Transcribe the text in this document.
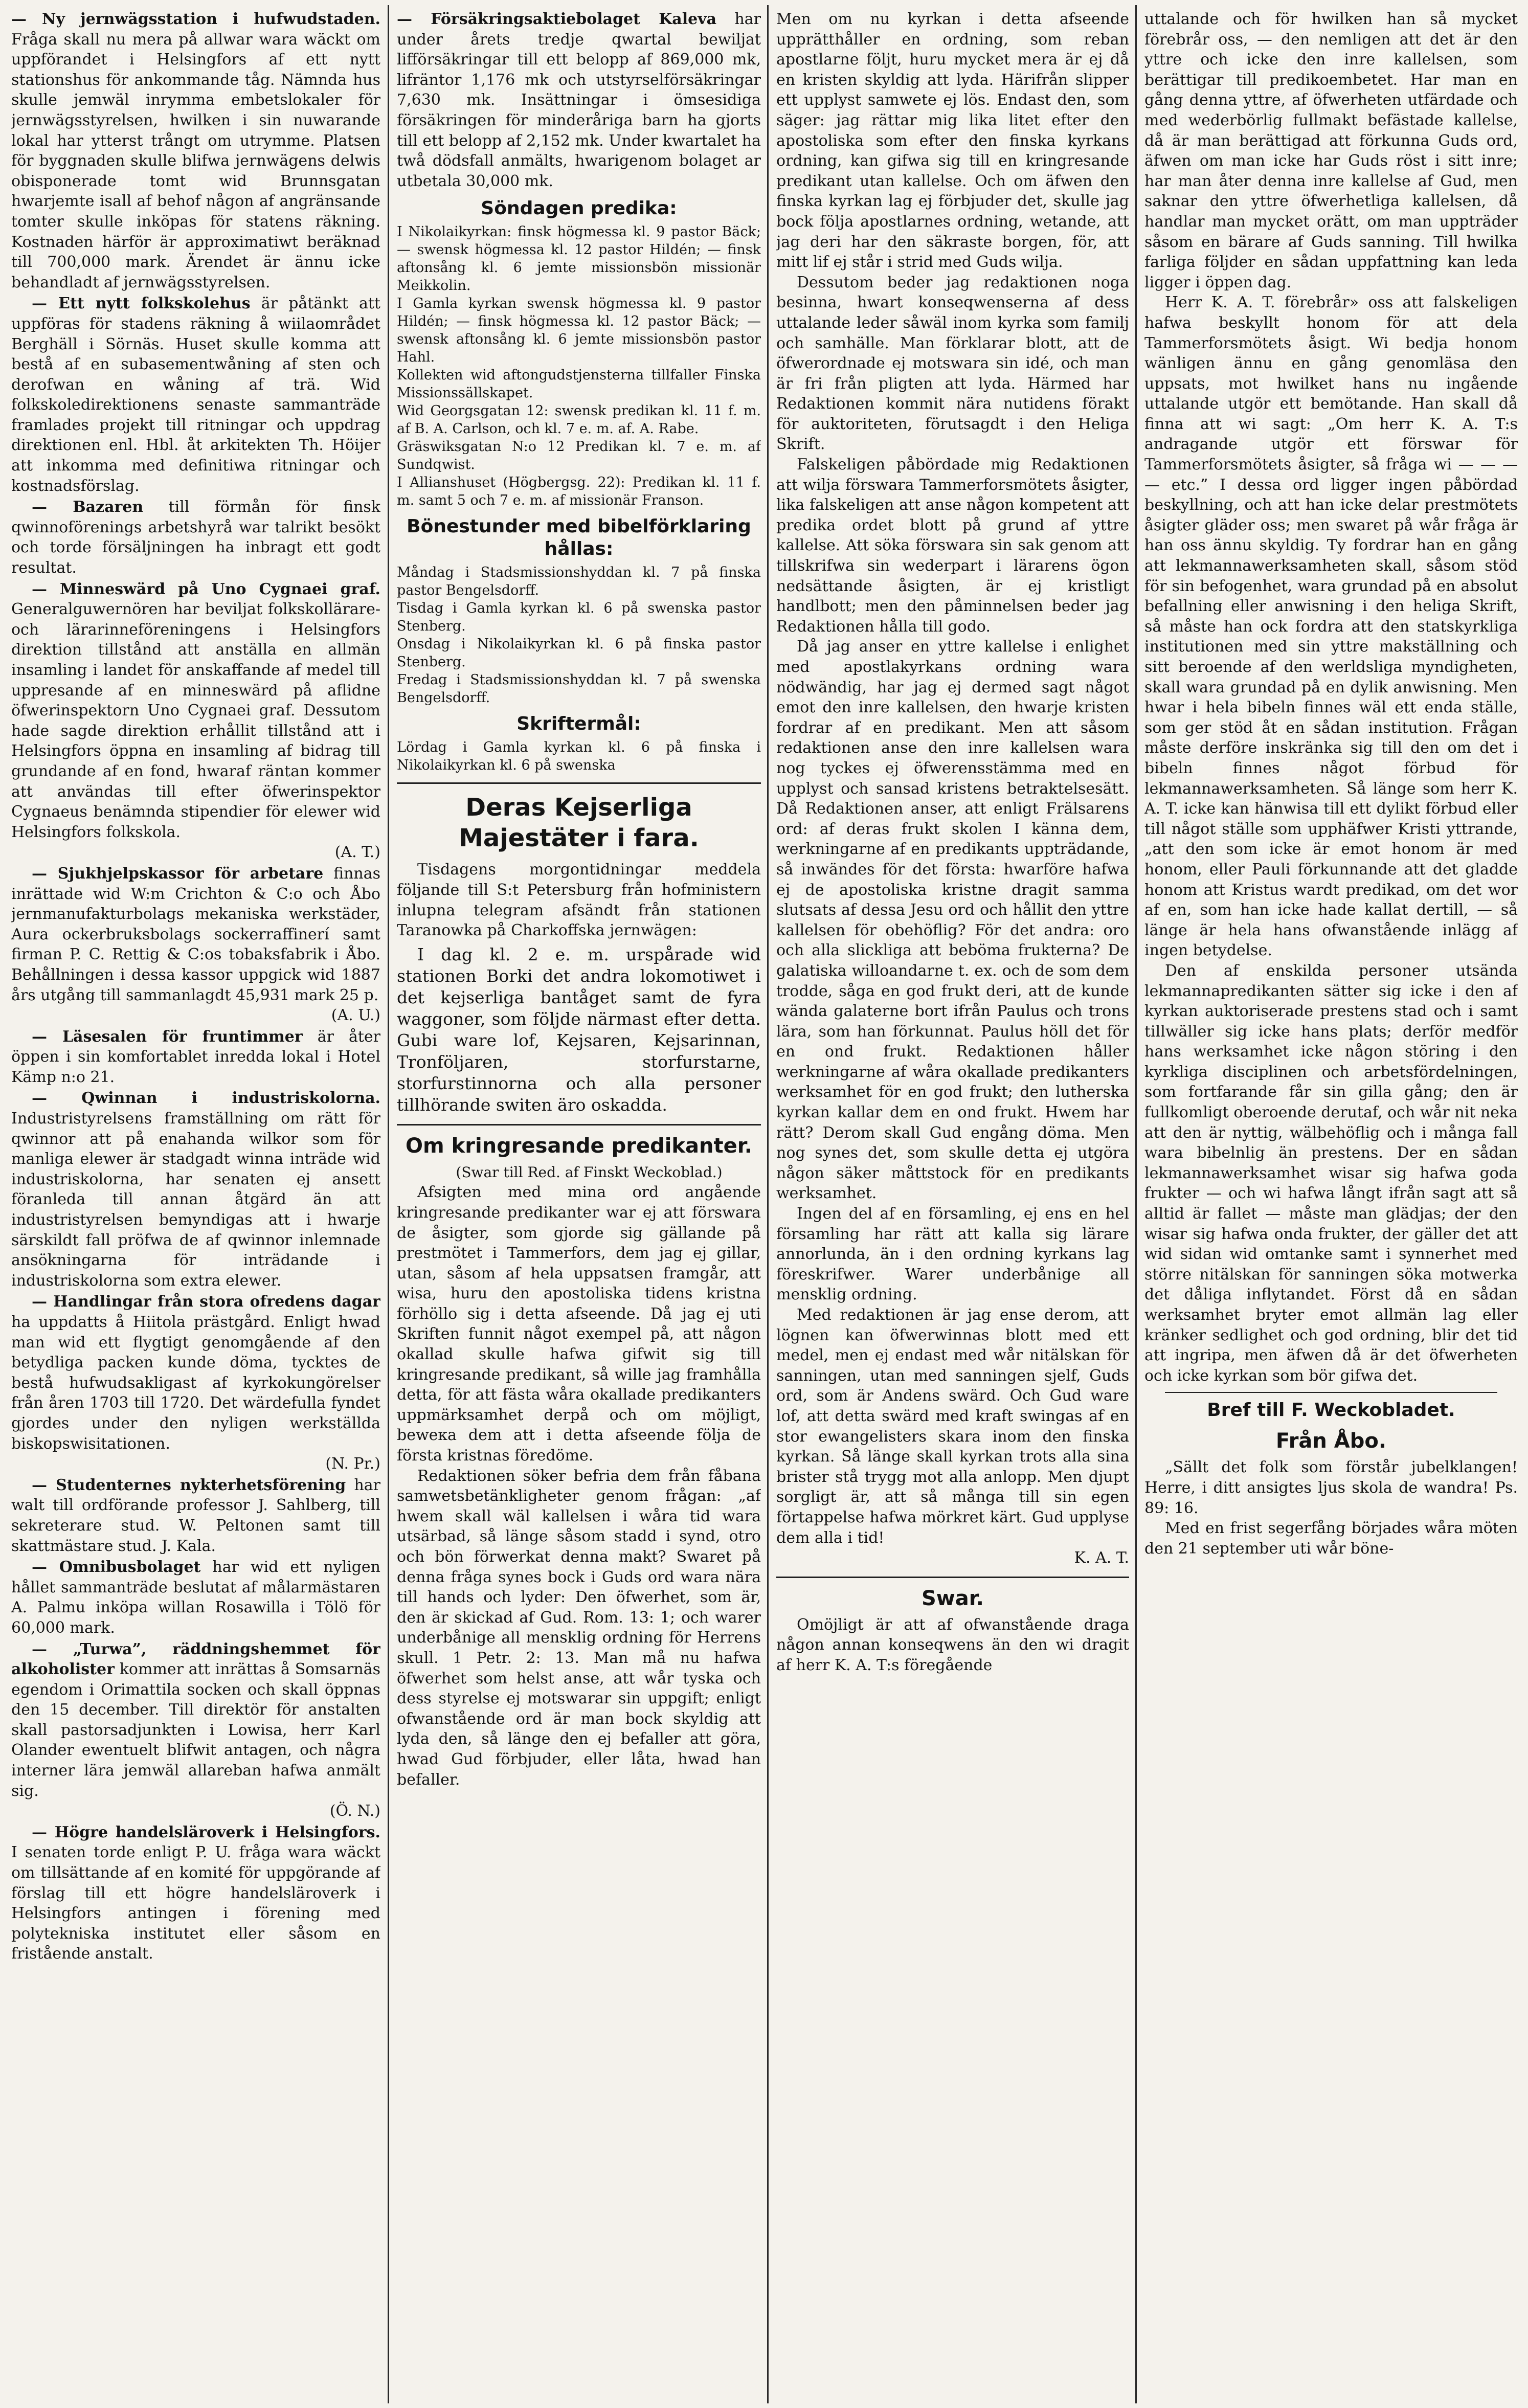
— Ny jernwägsstation i hufwudstaden. Fråga skall nu mera på allwar wara wäckt om uppförandet i Helsingfors af ett nytt stationshus för ankommande tåg. Nämnda hus skulle jemwäl inrymma embetslokaler för jernwägsstyrelsen, hwilken i sin nuwarande lokal har ytterst trångt om utrymme. Platsen för byggnaden skulle blifwa jernwägens delwis obisponerade tomt wid Brunnsgatan hwarjemte isall af behof någon af angränsande tomter skulle inköpas för statens räkning. Kostnaden härför är approximatiwt beräknad till 700,000 mark. Ärendet är ännu icke behandladt af jernwägsstyrelsen.

— Ett nytt folkskolehus är påtänkt att uppföras för stadens räkning å wiilaområdet Berghäll i Sörnäs. Huset skulle komma att bestå af en subasementwåning af sten och derofwan en wåning af trä. Wid folkskoledirektionens senaste sammanträde framlades projekt till ritningar och uppdrag direktionen enl. Hbl. åt arkitekten Th. Höijer att inkomma med definitiwa ritningar och kostnadsförslag.

— Bazaren till förmån för finsk qwinnoförenings arbetshyrå war talrikt besökt och torde försäljningen ha inbragt ett godt resultat.

— Minneswärd på Uno Cygnaei graf. Generalguwernören har beviljat folkskollärare- och lärarinneföreningens i Helsingfors direktion tillstånd att anställa en allmän insamling i landet för anskaffande af medel till uppresande af en minneswärd på aflidne öfwerinspektorn Uno Cygnaei graf. Dessutom hade sagde direktion erhållit tillstånd att i Helsingfors öppna en insamling af bidrag till grundande af en fond, hwaraf räntan kommer att användas till efter öfwerinspektor Cygnaeus benämnda stipendier för elewer wid Helsingfors folkskola.

(A. T.)

— Sjukhjelpskassor för arbetare finnas inrättade wid W:m Crichton & C:o och Åbo jernmanufakturbolags mekaniska werkstäder, Aura ockerbruksbolags sockerraffinerí samt firman P. C. Rettig & C:os tobaksfabrik i Åbo. Behållningen i dessa kassor uppgick wid 1887 års utgång till sammanlagdt 45,931 mark 25 p.

(A. U.)

— Läsesalen för fruntimmer är åter öppen i sin komfortablet inredda lokal i Hotel Kämp n:o 21.

— Qwinnan i industriskolorna. Industristyrelsens framställning om rätt för qwinnor att på enahanda wilkor som för manliga elewer är stadgadt winna inträde wid industriskolorna, har senaten ej ansett föranleda till annan åtgärd än att industristyrelsen bemyndigas att i hwarje särskildt fall pröfwa de af qwinnor inlemnade ansökningarna för inträdande i industriskolorna som extra elewer.

— Handlingar från stora ofredens dagar ha uppdatts å Hiitola prästgård. Enligt hwad man wid ett flygtigt genomgående af den betydliga packen kunde döma, tycktes de bestå hufwudsakligast af kyrkokungörelser från åren 1703 till 1720. Det wärdefulla fyndet gjordes under den nyligen werkställda biskopswisitationen.

(N. Pr.)

— Studenternes nykterhetsförening har walt till ordförande professor J. Sahlberg, till sekreterare stud. W. Peltonen samt till skattmästare stud. J. Kala.

— Omnibusbolaget har wid ett nyligen hållet sammanträde beslutat af målarmästaren A. Palmu inköpa willan Rosawilla i Tölö för 60,000 mark.

— „Turwa”, räddningshemmet för alkoholister kommer att inrättas å Somsarnäs egendom i Orimattila socken och skall öppnas den 15 december. Till direktör för anstalten skall pastorsadjunkten i Lowisa, herr Karl Olander ewentuelt blifwit antagen, och några interner lära jemwäl allareban hafwa anmält sig.

(Ö. N.)

— Högre handelsläroverk i Helsingfors. I senaten torde enligt P. U. fråga wara wäckt om tillsättande af en komité för uppgörande af förslag till ett högre handelsläroverk i Helsingfors antingen i förening med polytekniska institutet eller såsom en fristående anstalt.

— Försäkringsaktiebolaget Kaleva har under årets tredje qwartal bewiljat lifförsäkringar till ett belopp af 869,000 mk, lifräntor 1,176 mk och utstyrselförsäkringar 7,630 mk. Insättningar i ömsesidiga försäkringen för minderåriga barn ha gjorts till ett belopp af 2,152 mk. Under kwartalet ha twå dödsfall anmälts, hwarigenom bolaget ar utbetala 30,000 mk.

Söndagen predika:

I Nikolaikyrkan: finsk högmessa kl. 9 pastor Bäck; — swensk högmessa kl. 12 pastor Hildén; — finsk aftonsång kl. 6 jemte missionsbön missionär Meikkolin.

I Gamla kyrkan swensk högmessa kl. 9 pastor Hildén; — finsk högmessa kl. 12 pastor Bäck; — swensk aftonsång kl. 6 jemte missionsbön pastor Hahl.

Kollekten wid aftongudstjensterna tillfaller Finska Missionssällskapet.

Wid Georgsgatan 12: swensk predikan kl. 11 f. m. af B. A. Carlson, och kl. 7 e. m. af. A. Rabe.

Gräswiksgatan N:o 12 Predikan kl. 7 e. m. af Sundqwist.

I Allianshuset (Högbergsg. 22): Predikan kl. 11 f. m. samt 5 och 7 e. m. af missionär Franson.

Bönestunder med bibelförklaring hållas:

Måndag i Stadsmissionshyddan kl. 7 på finska pastor Bengelsdorff.

Tisdag i Gamla kyrkan kl. 6 på swenska pastor Stenberg.

Onsdag i Nikolaikyrkan kl. 6 på finska pastor Stenberg.

Fredag i Stadsmissionshyddan kl. 7 på swenska Bengelsdorff.

Skriftermål:

Lördag i Gamla kyrkan kl. 6 på finska i Nikolaikyrkan kl. 6 på swenska

Deras Kejserliga Majestäter i fara.

Tisdagens morgontidningar meddela följande till S:t Petersburg från hofministern inlupna telegram afsändt från stationen Taranowka på Charkoffska jernwägen:

I dag kl. 2 e. m. urspårade wid stationen Borki det andra lokomotiwet i det kejserliga bantåget samt de fyra waggoner, som följde närmast efter detta. Gubi ware lof, Kejsaren, Kejsarinnan, Tronföljaren, storfurstarne, storfurstinnorna och alla personer tillhörande switen äro oskadda.

Om kringresande predikanter.

(Swar till Red. af Finskt Weckoblad.)

Afsigten med mina ord angående kringresande predikanter war ej att förswara de åsigter, som gjorde sig gällande på prestmötet i Tammerfors, dem jag ej gillar, utan, såsom af hela uppsatsen framgår, att wisa, huru den apostoliska tidens kristna förhöllo sig i detta afseende. Då jag ej uti Skriften funnit något exempel på, att någon okallad skulle hafwa gifwit sig till kringresande predikant, så wille jag framhålla detta, för att fästa wåra okallade predikanters uppmärksamhet derpå och om möjligt, bewека dem att i detta afseende följa de första kristnas föredöme.

Redaktionen söker befria dem från fåbana samwetsbetänkligheter genom frågan: „af hwem skall wäl kallelsen i wåra tid wara utsärbad, så länge såsom stadd i synd, otro och bön förwerkat denna makt? Swaret på denna fråga synes bock i Guds ord wara nära till hands och lyder: Den öfwerhet, som är, den är skickad af Gud. Rom. 13: 1; och warer underbånige all mensklig ordning för Herrens skull. 1 Petr. 2: 13. Man må nu hafwa öfwerhet som helst anse, att wår tyska och dess styrelse ej motswarar sin uppgift; enligt ofwanstående ord är man bock skyldig att lyda den, så länge den ej befaller att göra, hwad Gud förbjuder, eller låta, hwad han befaller.

Men om nu kyrkan i detta afseende upprätthåller en ordning, som reban apostlarne följt, huru mycket mera är ej då en kristen skyldig att lyda. Härifrån slipper ett upplyst samwete ej lös. Endast den, som säger: jag rättar mig lika litet efter den apostoliska som efter den finska kyrkans ordning, kan gifwa sig till en kringresande predikant utan kallelse. Och om äfwen den finska kyrkan lag ej förbjuder det, skulle jag bock följa apostlarnes ordning, wetande, att jag deri har den säkraste borgen, för, att mitt lif ej står i strid med Guds wilja.

Dessutom beder jag redaktionen noga besinna, hwart konseqwenserna af dess uttalande leder såwäl inom kyrka som familj och samhälle. Man förklarar blott, att de öfwerordnade ej motswara sin idé, och man är fri från pligten att lyda. Härmed har Redaktionen kommit nära nutidens förakt för auktoriteten, förutsagdt i den Heliga Skrift.

Falskeligen påbördade mig Redaktionen att wilja förswara Tammerforsmötets åsigter, lika falskeligen att anse någon kompetent att predika ordet blott på grund af yttre kallelse. Att söka förswara sin sak genom att tillskrifwa sin wederpart i lärarens ögon nedsättande åsigten, är ej kristligt handlbott; men den påminnelsen beder jag Redaktionen hålla till godo.

Då jag anser en yttre kallelse i enlighet med apostlakyrkans ordning wara nödwändig, har jag ej dermed sagt något emot den inre kallelsen, den hwarje kristen fordrar af en predikant. Men att såsom redaktionen anse den inre kallelsen wara nog tyckes ej öfwerensstämma med en upplyst och sansad kristens betraktelsesätt. Då Redaktionen anser, att enligt Frälsarens ord: af deras frukt skolen I känna dem, werkningarne af en predikants uppträdande, så inwändes för det första: hwarföre hafwa ej de apostoliska kristne dragit samma slutsats af dessa Jesu ord och hållit den yttre kallelsen för obehöflig? För det andra: oro och alla slickliga att beböma frukterna? De galatiska willoandarne t. ex. och de som dem trodde, såga en god frukt deri, att de kunde wända galaterne bort ifrån Paulus och trons lära, som han förkunnat. Paulus höll det för en ond frukt. Redaktionen håller werkningarne af wåra okallade predikanters werksamhet för en god frukt; den lutherska kyrkan kallar dem en ond frukt. Hwem har rätt? Derom skall Gud engång döma. Men nog synes det, som skulle detta ej utgöra någon säker måttstock för en predikants werksamhet.

Ingen del af en församling, ej ens en hel församling har rätt att kalla sig lärare annorlunda, än i den ordning kyrkans lag föreskrifwer. Warer underbånige all mensklig ordning.

Med redaktionen är jag ense derom, att lögnen kan öfwerwinnas blott med ett medel, men ej endast med wår nitälskan för sanningen, utan med sanningen sjelf, Guds ord, som är Andens swärd. Och Gud ware lof, att detta swärd med kraft swingas af en stor ewangelisters skara inom den finska kyrkan. Så länge skall kyrkan trots alla sina brister stå trygg mot alla anlopp. Men djupt sorgligt är, att så många till sin egen förtappelse hafwa mörkret kärt. Gud upplyse dem alla i tid!

K. A. T.

Swar.

Omöjligt är att af ofwanstående draga någon annan konseqwens än den wi dragit af herr K. A. T:s föregående

uttalande och för hwilken han så mycket förebrår oss, — den nemligen att det är den yttre och icke den inre kallelsen, som berättigar till predikoembetet. Har man en gång denna yttre, af öfwerheten utfärdade och med wederbörlig fullmakt befästade kallelse, då är man berättigad att förkunna Guds ord, äfwen om man icke har Guds röst i sitt inre; har man åter denna inre kallelse af Gud, men saknar den yttre öfwerhetliga kallelsen, då handlar man mycket orätt, om man uppträder såsom en bärare af Guds sanning. Till hwilka farliga följder en sådan uppfattning kan leda ligger i öppen dag.

Herr K. A. T. förebrår» oss att falskeligen hafwa beskyllt honom för att dela Tammerforsmötets åsigt. Wi bedja honom wänligen ännu en gång genomläsa den uppsats, mot hwilket hans nu ingående uttalande utgör ett bemötande. Han skall då finna att wi sagt: „Om herr K. A. T:s andragande utgör ett förswar för Tammerforsmötets åsigter, så fråga wi — — — — etc.” I dessa ord ligger ingen påbördad beskyllning, och att han icke delar prestmötets åsigter gläder oss; men swaret på wår fråga är han oss ännu skyldig. Ty fordrar han en gång att lekmannawerksamheten skall, såsom stöd för sin befogenhet, wara grundad på en absolut befallning eller anwisning i den heliga Skrift, så måste han ock fordra att den statskyrkliga institutionen med sin yttre makställning och sitt beroende af den werldsliga myndigheten, skall wara grundad på en dylik anwisning. Men hwar i hela bibeln finnes wäl ett enda ställe, som ger stöd åt en sådan institution. Frågan måste derföre inskränka sig till den om det i bibeln finnes något förbud för lekmannawerksamheten. Så länge som herr K. A. T. icke kan hänwisa till ett dylikt förbud eller till något ställe som upphäfwer Kristi yttrande, „att den som icke är emot honom är med honom, eller Pauli förkunnande att det gladde honom att Kristus wardt predikad, om det wor af en, som han icke hade kallat dertill, — så länge är hela hans ofwanstående inlägg af ingen betydelse.

Den af enskilda personer utsända lekmannapredikanten sätter sig icke i den af kyrkan auktoriserade prestens stad och i samt tillwäller sig icke hans plats; derför medför hans werksamhet icke någon störing i den kyrkliga disciplinen och arbetsfördelningen, som fortfarande får sin gilla gång; den är fullkomligt oberoende derutaf, och wår nit neka att den är nyttig, wälbehöflig och i många fall wara bibelnlig än prestens. Der en sådan lekmannawerksamhet wisar sig hafwa goda frukter — och wi hafwa långt ifrån sagt att så alltid är fallet — måste man glädjas; der den wisar sig hafwa onda frukter, der gäller det att wid sidan wid omtanke samt i synnerhet med större nitälskan för sanningen söka motwerka det dåliga inflytandet. Först då en sådan werksamhet bryter emot allmän lag eller kränker sedlighet och god ordning, blir det tid att ingripa, men äfwen då är det öfwerheten och icke kyrkan som bör gifwa det.

Bref till F. Weckobladet.
Från Åbo.

„Sällt det folk som förstår jubelklangen! Herre, i ditt ansigtes ljus skola de wandra! Ps. 89: 16.

Med en frist segerfång börjades wåra möten den 21 september uti wår böne-
